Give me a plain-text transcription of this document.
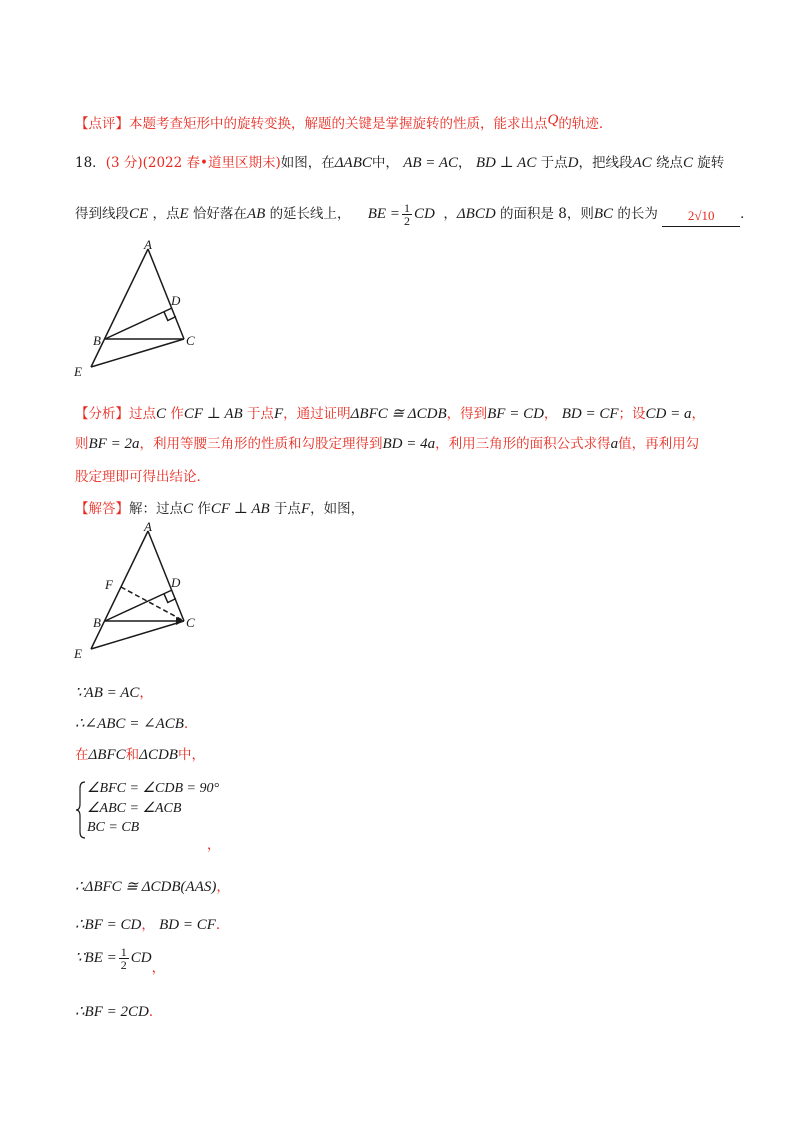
【点评】本题考查矩形中的旋转变换，解题的关键是掌握旋转的性质，能求出点Q的轨迹．
18．(3 分)(2022 春•道里区期末)如图，在ΔABC中， AB = AC， BD ⊥ AC 于点D，把线段AC 绕点C 旋转
得到线段CE ，点E 恰好落在AB 的延长线上， BE = $\frac{1}{2}$ CD ，ΔBCD 的面积是 8，则BC 的长为 2√10 ．
A
D
B	C
E
【分析】过点C 作CF ⊥ AB 于点F，通过证明ΔBFC ≅ ΔCDB，得到BF = CD， BD = CF；设CD = a，
则BF = 2a，利用等腰三角形的性质和勾股定理得到BD = 4a，利用三角形的面积公式求得a值，再利用勾
股定理即可得出结论．
【解答】解：过点C 作CF ⊥ AB 于点F，如图，
A
F	D
B	C
E
∵AB = AC，
∴∠ABC = ∠ACB．
在ΔBFC和ΔCDB中，
∠BFC = ∠CDB = 90°
∠ABC = ∠ACB
BC = CB
，
∴ΔBFC ≅ ΔCDB(AAS)，
∴BF = CD， BD = CF．
∵BE = $\frac{1}{2}$ CD，
∴BF = 2CD．
